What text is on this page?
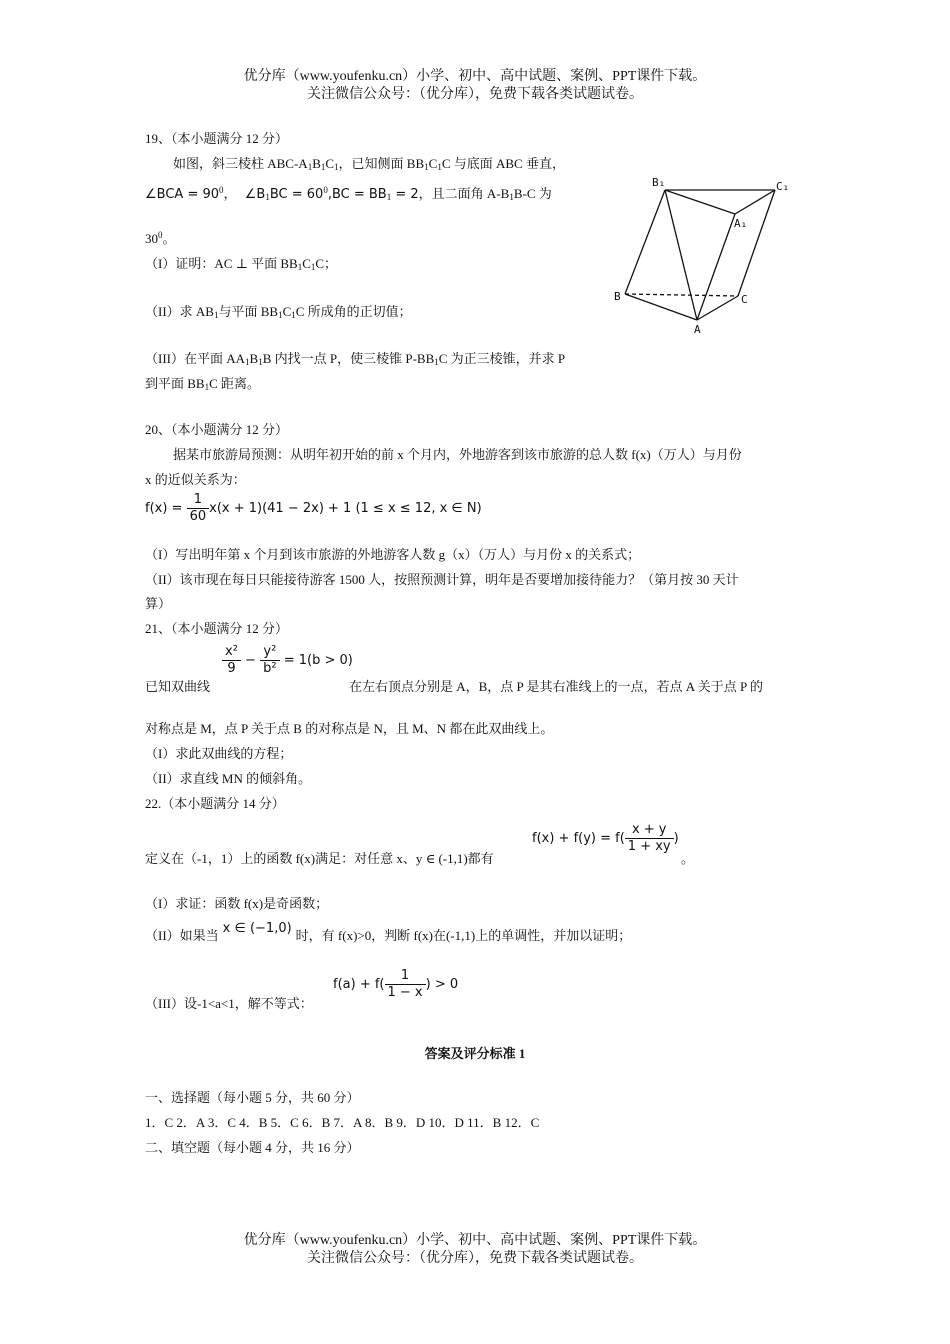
优分库（www.youfenku.cn）小学、初中、高中试题、案例、PPT课件下载。
关注微信公众号：（优分库），免费下载各类试题试卷。
19、（本小题满分 12 分）
如图，斜三棱柱 ABC-$A_1B_1C_1$，已知侧面 $BB_1C_1C$ 与底面 ABC 垂直，
∠BCA = $90^0$，  $\angle B_1BC = 60^0,BC = BB_1 = 2$，且二面角 $A-B_1B-C$ 为
$30^0$。
（I）证明：AC ⊥ 平面 $BB_1C_1C$；
（II）求 $AB_1$与平面 $BB_1C_1C$ 所成角的正切值；
（III）在平面 $AA_1B_1B$ 内找一点 P，使三棱锥 $P-BB_1C$ 为正三棱锥，并求 P
到平面 $BB_1C$ 距离。
B₁	C₁
A₁
B	C
A
20、（本小题满分 12 分）
据某市旅游局预测：从明年初开始的前 x 个月内，外地游客到该市旅游的总人数 f(x)（万人）与月份
x 的近似关系为：
$f(x) = \frac{1}{60} x(x + 1)(41 - 2x) + 1$ (1 ≤ x ≤ 12, x ∈ N)
（I）写出明年第 x 个月到该市旅游的外地游客人数 g（x）（万人）与月份 x 的关系式；
（II）该市现在每日只能接待游客 1500 人，按照预测计算，明年是否要增加接待能力？（第月按 30 天计
算）
21、（本小题满分 12 分）
已知双曲线
$\frac{\text{x²}}{9} - \frac{\text{y²}}{\text{b²}} = 1(b > 0)$
在左右顶点分别是 A，B，点 P 是其右准线上的一点，若点 A 关于点 P 的
对称点是 M，点 P 关于点 B 的对称点是 N，且 M、N 都在此双曲线上。
（I）求此双曲线的方程；
（II）求直线 MN 的倾斜角。
22.（本小题满分 14 分）
定义在（-1，1）上的函数 f(x)满足：对任意 x、y ∈ (-1,1)都有
$f(x) + f(y) = f( \frac{x + y}{1 + xy}$ )
。
（I）求证：函数 f(x)是奇函数；
（II）如果当 x ∈ (−1,0) 时，有 f(x)>0，判断 f(x)在(-1,1)上的单调性，并加以证明；
（III）设-1<a<1，解不等式：
$f(a) + f( \frac{1}{1 - x}$ ) > 0
答案及评分标准 1
一、选择题（每小题 5 分，共 60 分）
1．C 2．A 3．C 4．B 5．C 6．B 7．A 8．B 9．D 10．D 11．B 12．C
二、填空题（每小题 4 分，共 16 分）
优分库（www.youfenku.cn）小学、初中、高中试题、案例、PPT课件下载。
关注微信公众号：（优分库），免费下载各类试题试卷。
